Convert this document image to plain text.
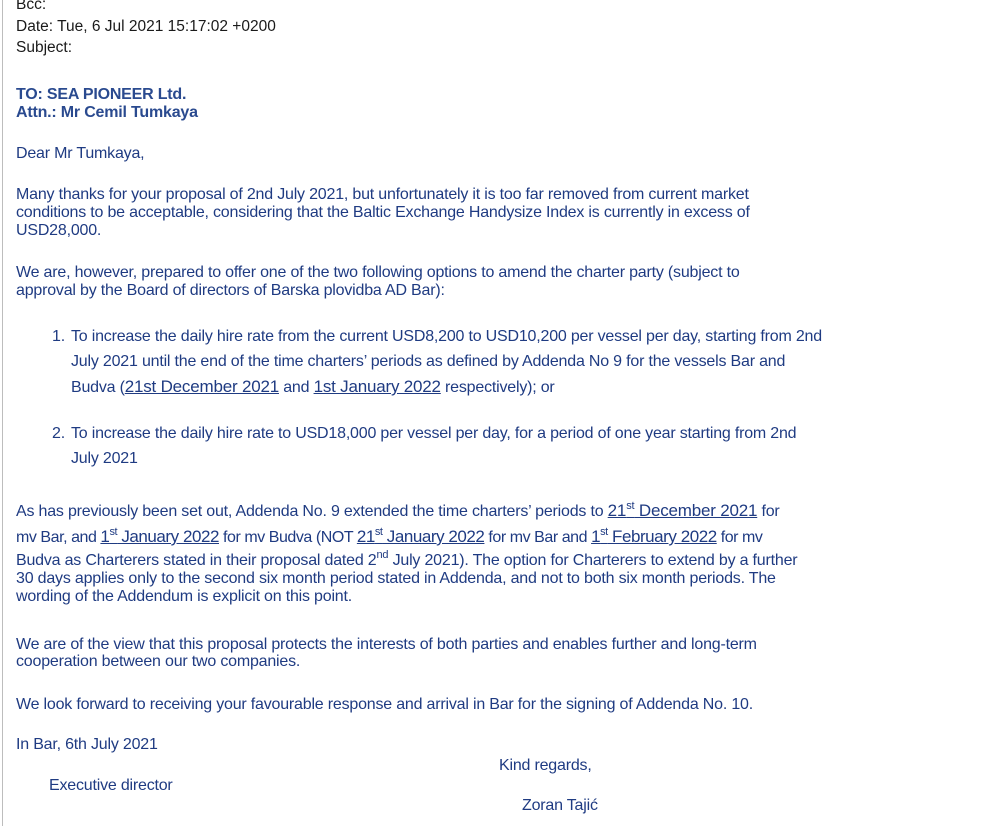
Bcc:
Date: Tue, 6 Jul 2021 15:17:02 +0200
Subject:
TO: SEA PIONEER Ltd.
Attn.: Mr Cemil Tumkaya
Dear Mr Tumkaya,
Many thanks for your proposal of 2nd July 2021, but unfortunately it is too far removed from current market
conditions to be acceptable, considering that the Baltic Exchange Handysize Index is currently in excess of
USD28,000.
We are, however, prepared to offer one of the two following options to amend the charter party (subject to
approval by the Board of directors of Barska plovidba AD Bar):
1. To increase the daily hire rate from the current USD8,200 to USD10,200 per vessel per day, starting from 2nd
July 2021 until the end of the time charters’ periods as defined by Addenda No 9 for the vessels Bar and
Budva (21st December 2021 and 1st January 2022 respectively); or
2. To increase the daily hire rate to USD18,000 per vessel per day, for a period of one year starting from 2nd
July 2021
As has previously been set out, Addenda No. 9 extended the time charters’ periods to 21st December 2021 for
mv Bar, and 1st January 2022 for mv Budva (NOT 21st January 2022 for mv Bar and 1st February 2022 for mv
Budva as Charterers stated in their proposal dated 2nd July 2021). The option for Charterers to extend by a further
30 days applies only to the second six month period stated in Addenda, and not to both six month periods. The
wording of the Addendum is explicit on this point.
We are of the view that this proposal protects the interests of both parties and enables further and long-term
cooperation between our two companies.
We look forward to receiving your favourable response and arrival in Bar for the signing of Addenda No. 10.
In Bar, 6th July 2021
Kind regards,
Executive director
Zoran Tajić
